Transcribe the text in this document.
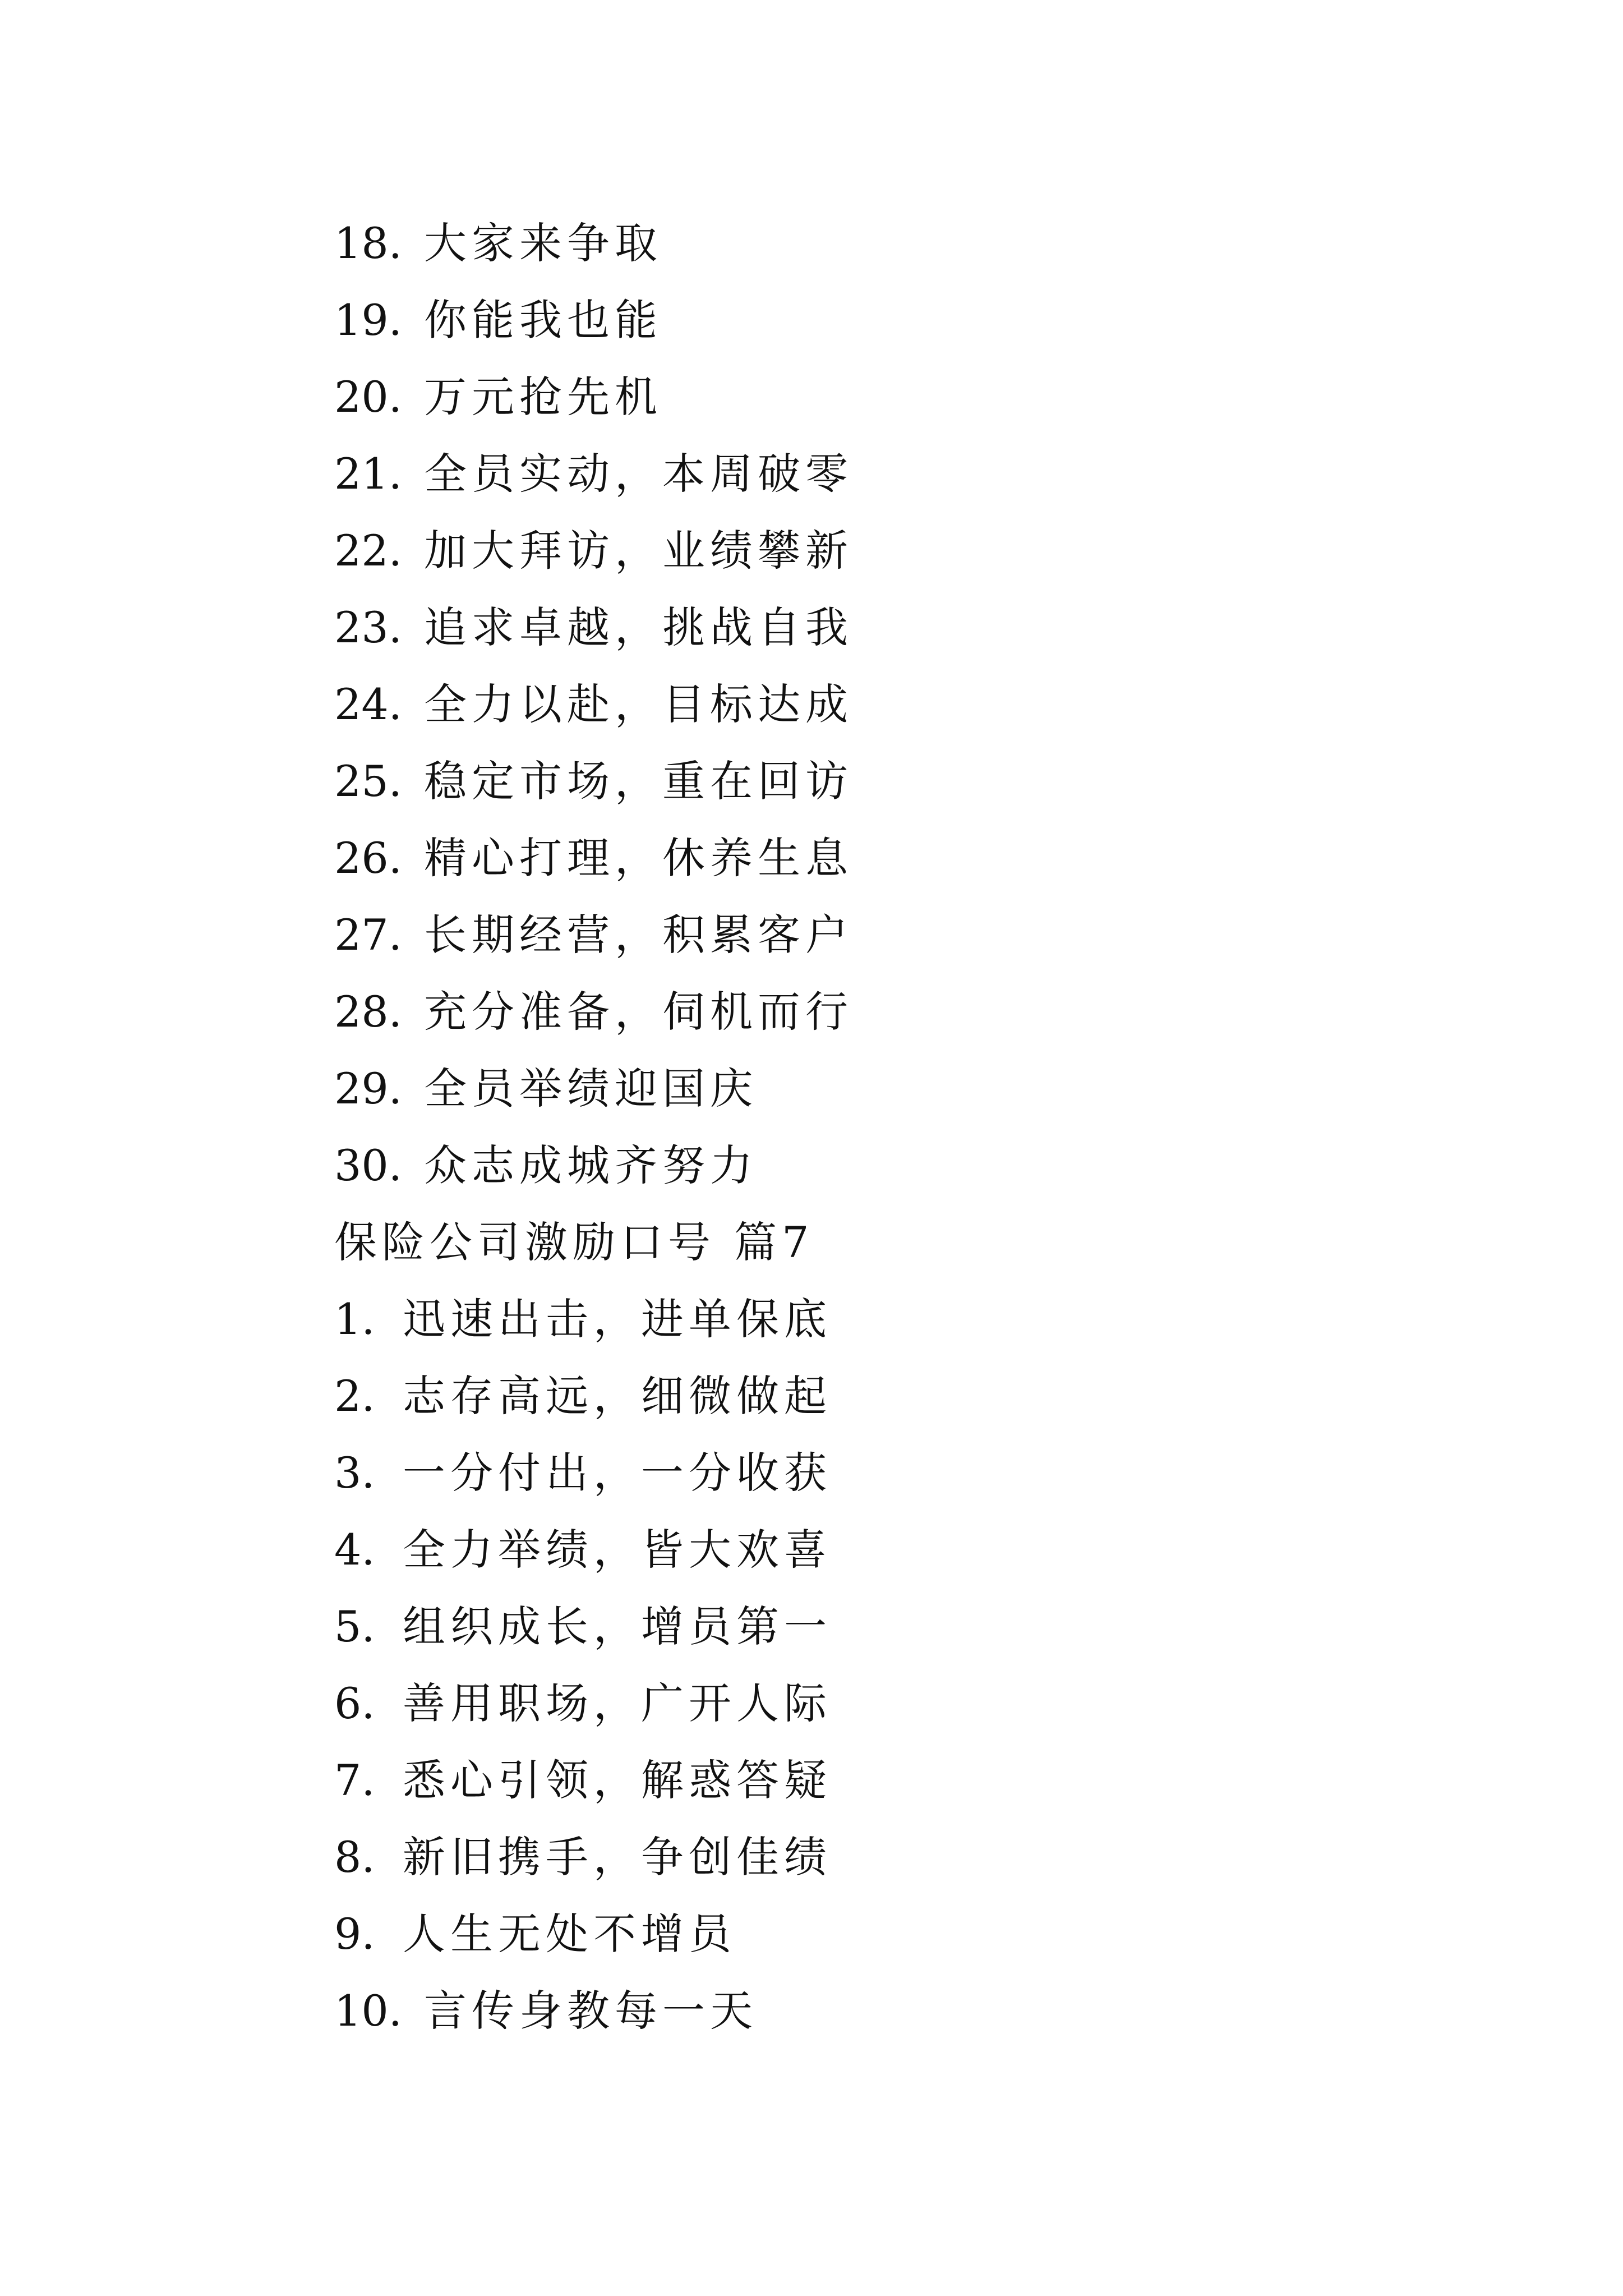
18. 大家来争取
19. 你能我也能
20. 万元抢先机
21. 全员实动，本周破零
22. 加大拜访，业绩攀新
23. 追求卓越，挑战自我
24. 全力以赴，目标达成
25. 稳定市场，重在回访
26. 精心打理，休养生息
27. 长期经营，积累客户
28. 充分准备，伺机而行
29. 全员举绩迎国庆
30. 众志成城齐努力
保险公司激励口号 篇7
1. 迅速出击，进单保底
2. 志存高远，细微做起
3. 一分付出，一分收获
4. 全力举绩，皆大欢喜
5. 组织成长，增员第一
6. 善用职场，广开人际
7. 悉心引领，解惑答疑
8. 新旧携手，争创佳绩
9. 人生无处不增员
10. 言传身教每一天
